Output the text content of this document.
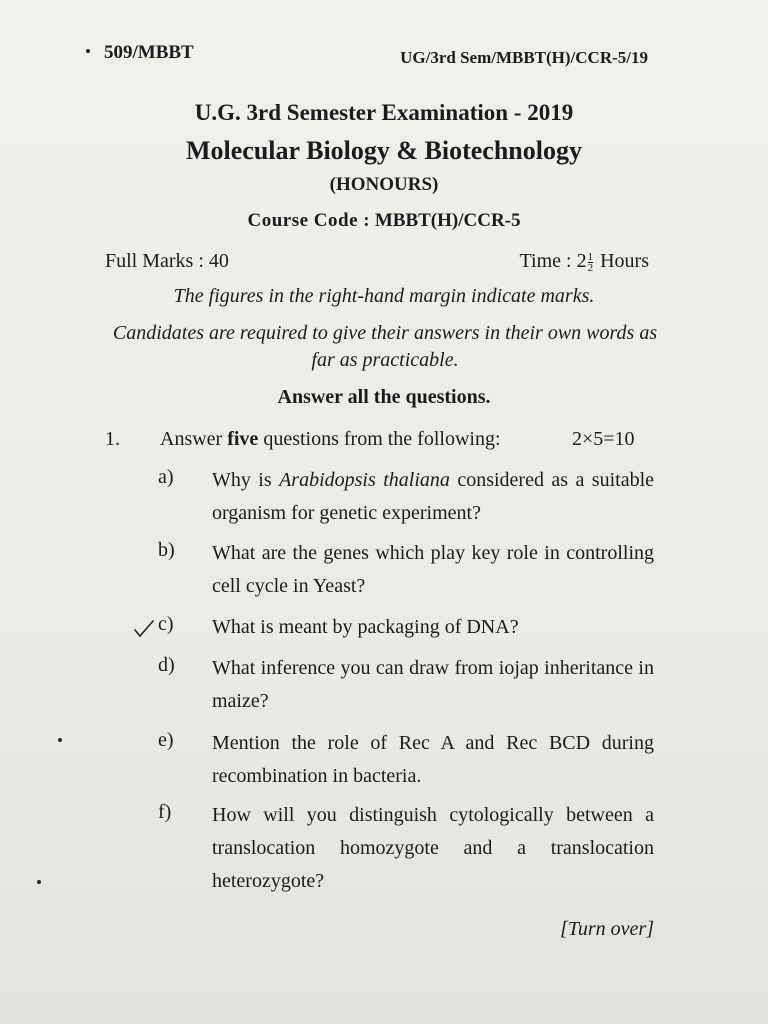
509/MBBT	UG/3rd Sem/MBBT(H)/CCR-5/19
U.G. 3rd Semester Examination - 2019
Molecular Biology & Biotechnology
(HONOURS)
Course Code : MBBT(H)/CCR-5
Full Marks : 40	Time : $2 \frac{1}{2}$ Hours
The figures in the right-hand margin indicate marks.
Candidates are required to give their answers in their own words as far as practicable.
Answer all the questions.
1. Answer five questions from the following:	2×5=10
a) Why is Arabidopsis thaliana considered as a suitable organism for genetic experiment?
b) What are the genes which play key role in controlling cell cycle in Yeast?
c) What is meant by packaging of DNA?
d) What inference you can draw from iojap inheritance in maize?
e) Mention the role of Rec A and Rec BCD during recombination in bacteria.
f) How will you distinguish cytologically between a translocation homozygote and a translocation heterozygote?
[Turn over]
